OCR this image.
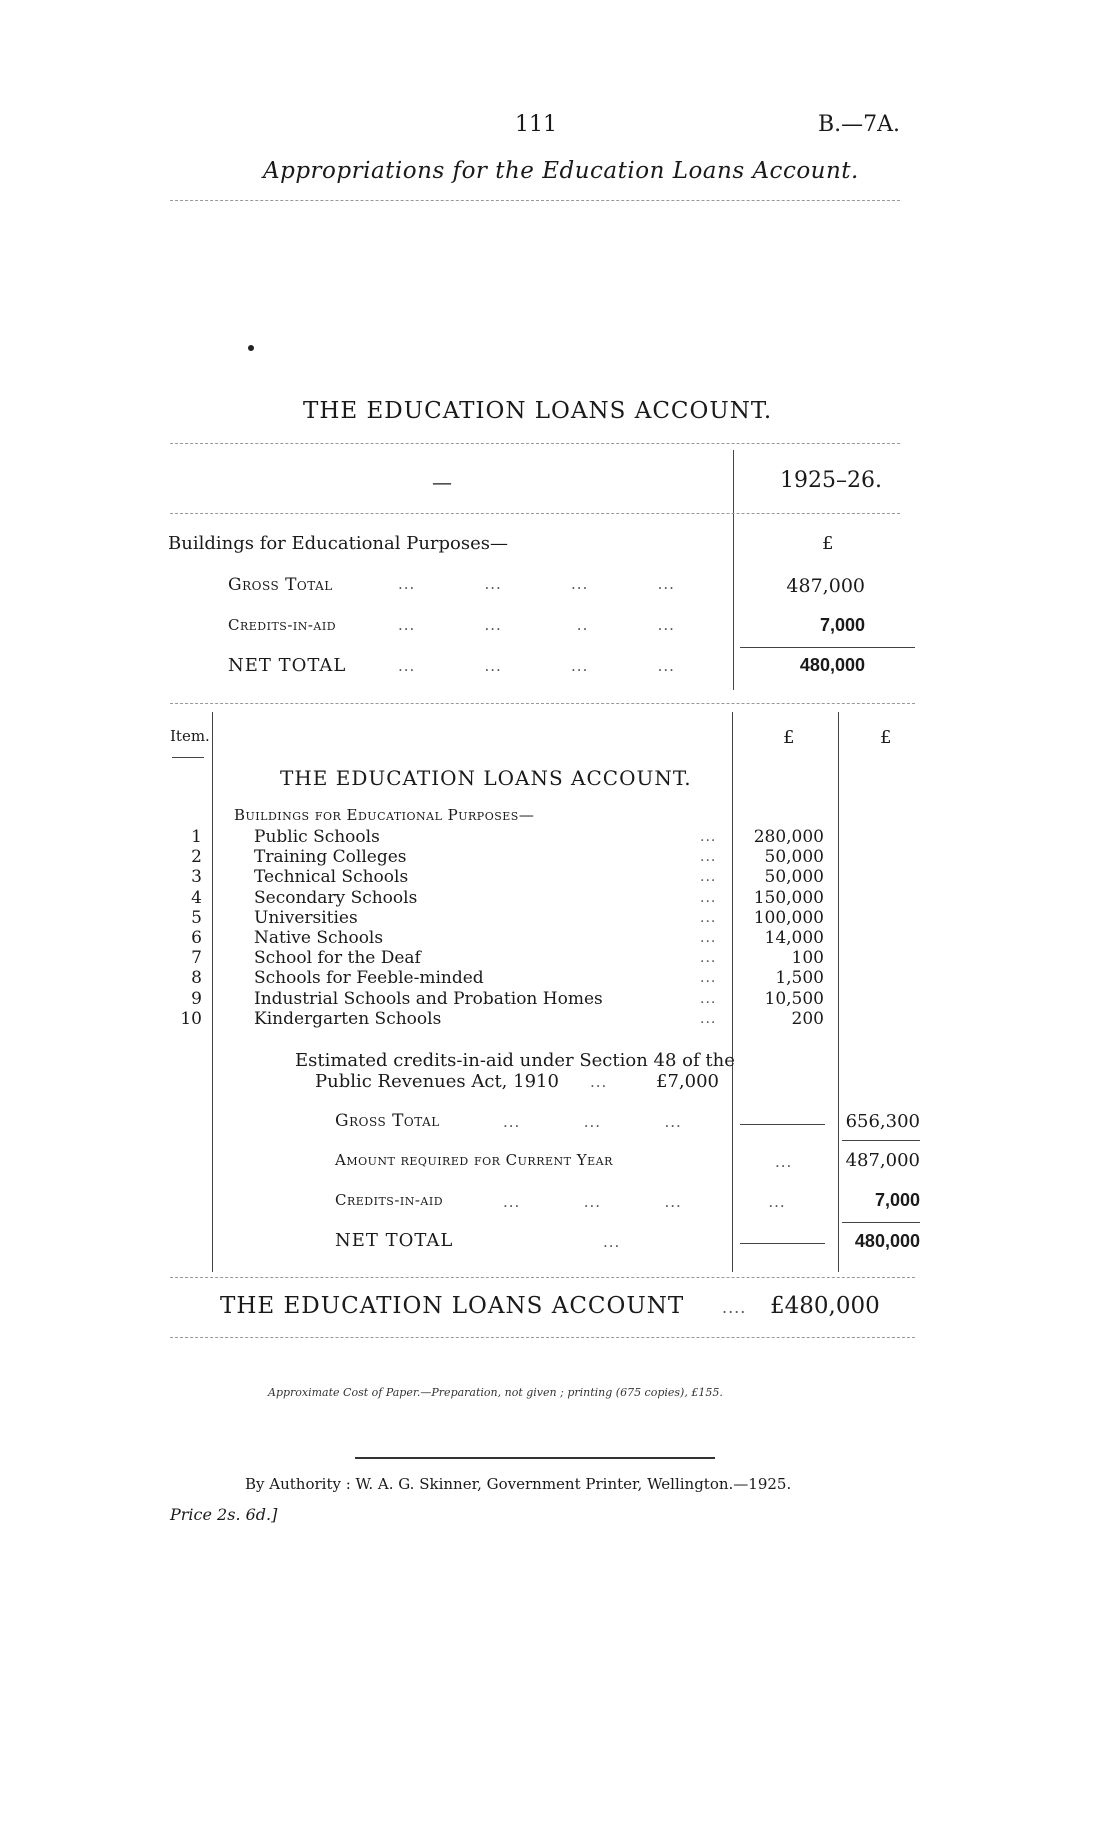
111	B.—7A.
Appropriations for the Education Loans Account.
THE EDUCATION LOANS ACCOUNT.
—	1925–26.
Buildings for Educational Purposes—	£
Gross Total	...            ...            ...            ...	487,000
Credits-in-aid	...            ...             ..            ...	7,000
NET TOTAL	...            ...            ...            ...	480,000
Item.	£	£
THE EDUCATION LOANS ACCOUNT.
Buildings for Educational Purposes—
1	Public Schools	...	280,000
2	Training Colleges	...	50,000
3	Technical Schools	...	50,000
4	Secondary Schools	...	150,000
5	Universities	...	100,000
6	Native Schools	...	14,000
7	School for the Deaf	...	100
8	Schools for Feeble-minded	...	1,500
9	Industrial Schools and Probation Homes	...	10,500
10	Kindergarten Schools	...	200
Estimated credits-in-aid under Section 48 of the
Public Revenues Act, 1910 ...	£7,000
Gross Total	...           ...           ...	656,300
Amount required for Current Year	...	487,000
Credits-in-aid	...           ...           ...               ...	7,000
NET TOTAL	...	480,000
THE EDUCATION LOANS ACCOUNT .... £480,000
Approximate Cost of Paper.—Preparation, not given ; printing (675 copies), £155.
By Authority : W. A. G. Skinner, Government Printer, Wellington.—1925.
Price 2s. 6d.]
